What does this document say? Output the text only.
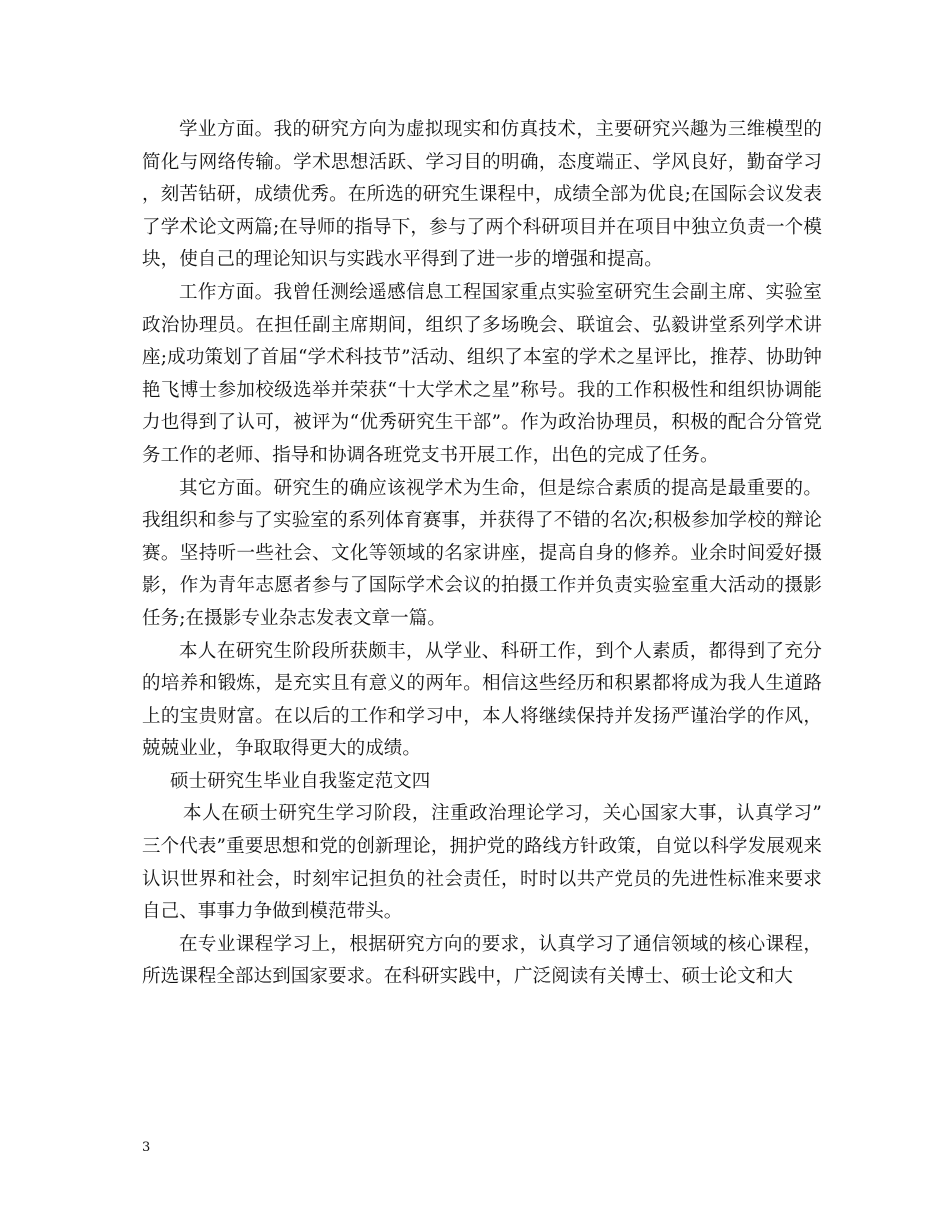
学业方面。我的研究方向为虚拟现实和仿真技术，主要研究兴趣为三维模型的简化与网络传输。学术思想活跃、学习目的明确，态度端正、学风良好，勤奋学习，刻苦钻研，成绩优秀。在所选的研究生课程中，成绩全部为优良;在国际会议发表了学术论文两篇;在导师的指导下，参与了两个科研项目并在项目中独立负责一个模块，使自己的理论知识与实践水平得到了进一步的增强和提高。

工作方面。我曾任测绘遥感信息工程国家重点实验室研究生会副主席、实验室政治协理员。在担任副主席期间，组织了多场晚会、联谊会、弘毅讲堂系列学术讲座;成功策划了首届“学术科技节”活动、组织了本室的学术之星评比，推荐、协助钟艳飞博士参加校级选举并荣获“十大学术之星”称号。我的工作积极性和组织协调能力也得到了认可，被评为“优秀研究生干部”。作为政治协理员，积极的配合分管党务工作的老师、指导和协调各班党支书开展工作，出色的完成了任务。

其它方面。研究生的确应该视学术为生命，但是综合素质的提高是最重要的。我组织和参与了实验室的系列体育赛事，并获得了不错的名次;积极参加学校的辩论赛。坚持听一些社会、文化等领域的名家讲座，提高自身的修养。业余时间爱好摄影，作为青年志愿者参与了国际学术会议的拍摄工作并负责实验室重大活动的摄影任务;在摄影专业杂志发表文章一篇。

本人在研究生阶段所获颇丰，从学业、科研工作，到个人素质，都得到了充分的培养和锻炼，是充实且有意义的两年。相信这些经历和积累都将成为我人生道路上的宝贵财富。在以后的工作和学习中，本人将继续保持并发扬严谨治学的作风，兢兢业业，争取取得更大的成绩。

硕士研究生毕业自我鉴定范文四

本人在硕士研究生学习阶段，注重政治理论学习，关心国家大事，认真学习”三个代表”重要思想和党的创新理论，拥护党的路线方针政策，自觉以科学发展观来认识世界和社会，时刻牢记担负的社会责任，时时以共产党员的先进性标准来要求自己、事事力争做到模范带头。

在专业课程学习上，根据研究方向的要求，认真学习了通信领域的核心课程，所选课程全部达到国家要求。在科研实践中，广泛阅读有关博士、硕士论文和大

3
